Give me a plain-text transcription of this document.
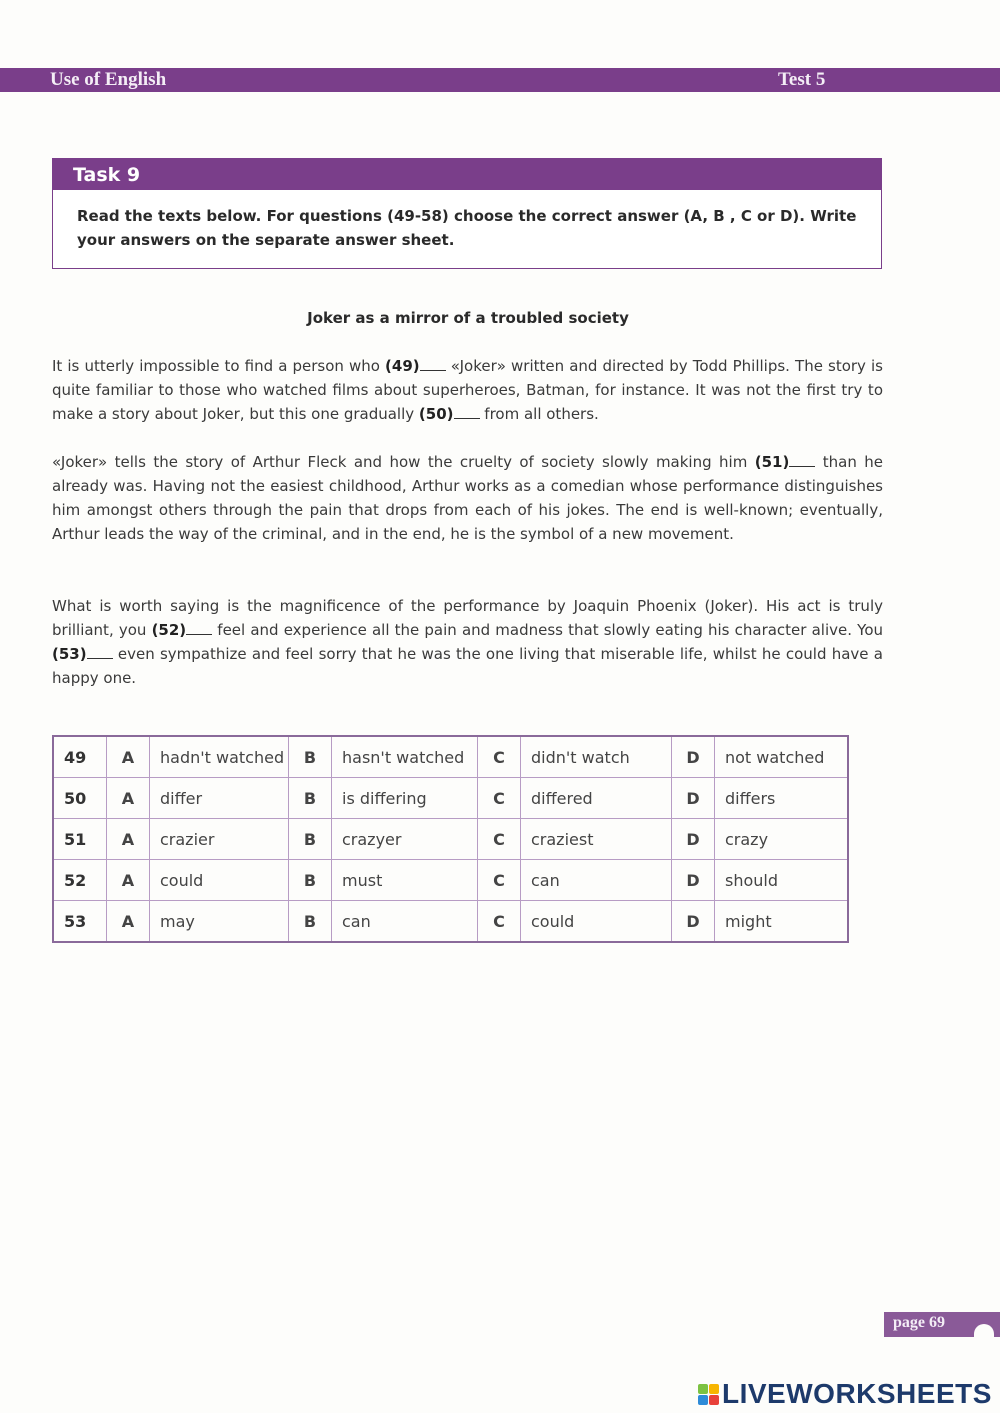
Use of English	Test 5
Task 9
Read the texts below. For questions (49-58) choose the correct answer (A, B , C or D). Write your answers on the separate answer sheet.
Joker as a mirror of a troubled society
It is utterly impossible to find a person who (49) «Joker» written and directed by Todd Phillips. The story is quite familiar to those who watched films about superheroes, Batman, for instance. It was not the first try to make a story about Joker, but this one gradually (50) from all others.
«Joker» tells the story of Arthur Fleck and how the cruelty of society slowly making him (51) than he already was. Having not the easiest childhood, Arthur works as a comedian whose performance distinguishes him amongst others through the pain that drops from each of his jokes. The end is well-known; eventually, Arthur leads the way of the criminal, and in the end, he is the symbol of a new movement.
What is worth saying is the magnificence of the performance by Joaquin Phoenix (Joker). His act is truly brilliant, you (52) feel and experience all the pain and madness that slowly eating his character alive. You (53) even sympathize and feel sorry that he was the one living that miserable life, whilst he could have a happy one.
49	A	hadn't watched	B	hasn't watched	C	didn't watch	D	not watched
50	A	differ	B	is differing	C	differed	D	differs
51	A	crazier	B	crazyer	C	craziest	D	crazy
52	A	could	B	must	C	can	D	should
53	A	may	B	can	C	could	D	might
page 69
LIVEWORKSHEETS
